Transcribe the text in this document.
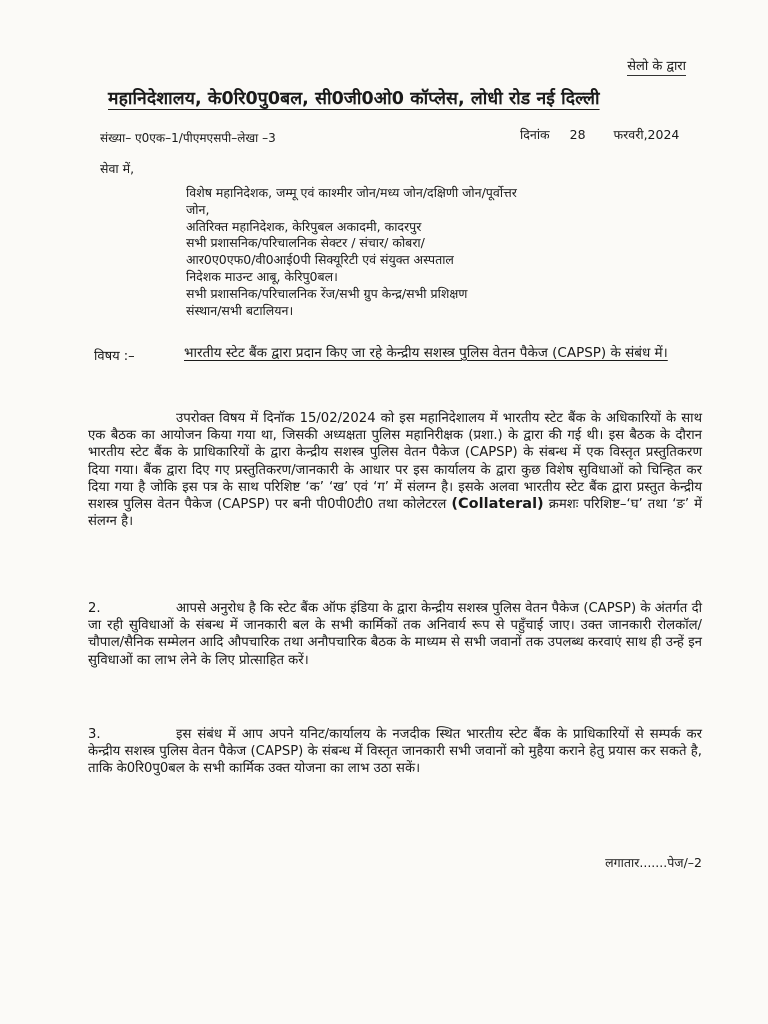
सेलो के द्वारा
महानिदेशालय, के0रि0पु0बल, सी0जी0ओ0 कॉप्लेस, लोधी रोड नई दिल्ली
संख्या– ए0एक–1/पीएमएसपी–लेखा –3	दिनांक 28 फरवरी,2024
सेवा में,
विशेष महानिदेशक, जम्मू एवं काश्मीर जोन/मध्य जोन/दक्षिणी जोन/पूर्वोत्तर
जोन,
अतिरिक्त महानिदेशक, केरिपुबल अकादमी, कादरपुर
सभी प्रशासनिक/परिचालनिक सेक्टर / संचार/ कोबरा/
आर0ए0एफ0/वी0आई0पी सिक्यूरिटी एवं संयुक्त अस्पताल
निदेशक माउन्ट आबू, केरिपु0बल।
सभी प्रशासनिक/परिचालनिक रेंज/सभी ग्रुप केन्द्र/सभी प्रशिक्षण
संस्थान/सभी बटालियन।
विषय :–	भारतीय स्टेट बैंक द्वारा प्रदान किए जा रहे केन्द्रीय सशस्त्र पुलिस वेतन पैकेज (CAPSP) के संबंध में।
उपरोक्त विषय में दिनॉक 15/02/2024 को इस महानिदेशालय में भारतीय स्टेट बैंक के अधिकारियों के साथ एक बैठक का आयोजन किया गया था, जिसकी अध्यक्षता पुलिस महानिरीक्षक (प्रशा.) के द्वारा की गई थी। इस बैठक के दौरान भारतीय स्टेट बैंक के प्राधिकारियों के द्वारा केन्द्रीय सशस्त्र पुलिस वेतन पैकेज (CAPSP) के संबन्ध में एक विस्तृत प्रस्तुतिकरण दिया गया। बैंक द्वारा दिए गए प्रस्तुतिकरण/जानकारी के आधार पर इस कार्यालय के द्वारा कुछ विशेष सुविधाओं को चिन्हित कर दिया गया है जोकि इस पत्र के साथ परिशिष्ट ‘क’ ‘ख’ एवं ‘ग’ में संलग्न है। इसके अलवा भारतीय स्टेट बैंक द्वारा प्रस्तुत केन्द्रीय सशस्त्र पुलिस वेतन पैकेज (CAPSP) पर बनी पी0पी0टी0 तथा कोलेटरल (Collateral) क्रमशः परिशिष्ट–‘घ’ तथा ‘ङ’ में संलग्न है।
2.	आपसे अनुरोध है कि स्टेट बैंक ऑफ इंडिया के द्वारा केन्द्रीय सशस्त्र पुलिस वेतन पैकेज (CAPSP) के अंतर्गत दी जा रही सुविधाओं के संबन्ध में जानकारी बल के सभी कार्मिकों तक अनिवार्य रूप से पहुँचाई जाए। उक्त जानकारी रोलकॉल/चौपाल/सैनिक सम्मेलन आदि औपचारिक तथा अनौपचारिक बैठक के माध्यम से सभी जवानों तक उपलब्ध करवाएं साथ ही उन्हें इन सुविधाओं का लाभ लेने के लिए प्रोत्साहित करें।
3.	इस संबंध में आप अपने यनिट/कार्यालय के नजदीक स्थित भारतीय स्टेट बैंक के प्राधिकारियों से सम्पर्क कर केन्द्रीय सशस्त्र पुलिस वेतन पैकेज (CAPSP) के संबन्ध में विस्तृत जानकारी सभी जवानों को मुहैया कराने हेतु प्रयास कर सकते है, ताकि के0रि0पु0बल के सभी कार्मिक उक्त योजना का लाभ उठा सकें।
लगातार.......पेज/–2
